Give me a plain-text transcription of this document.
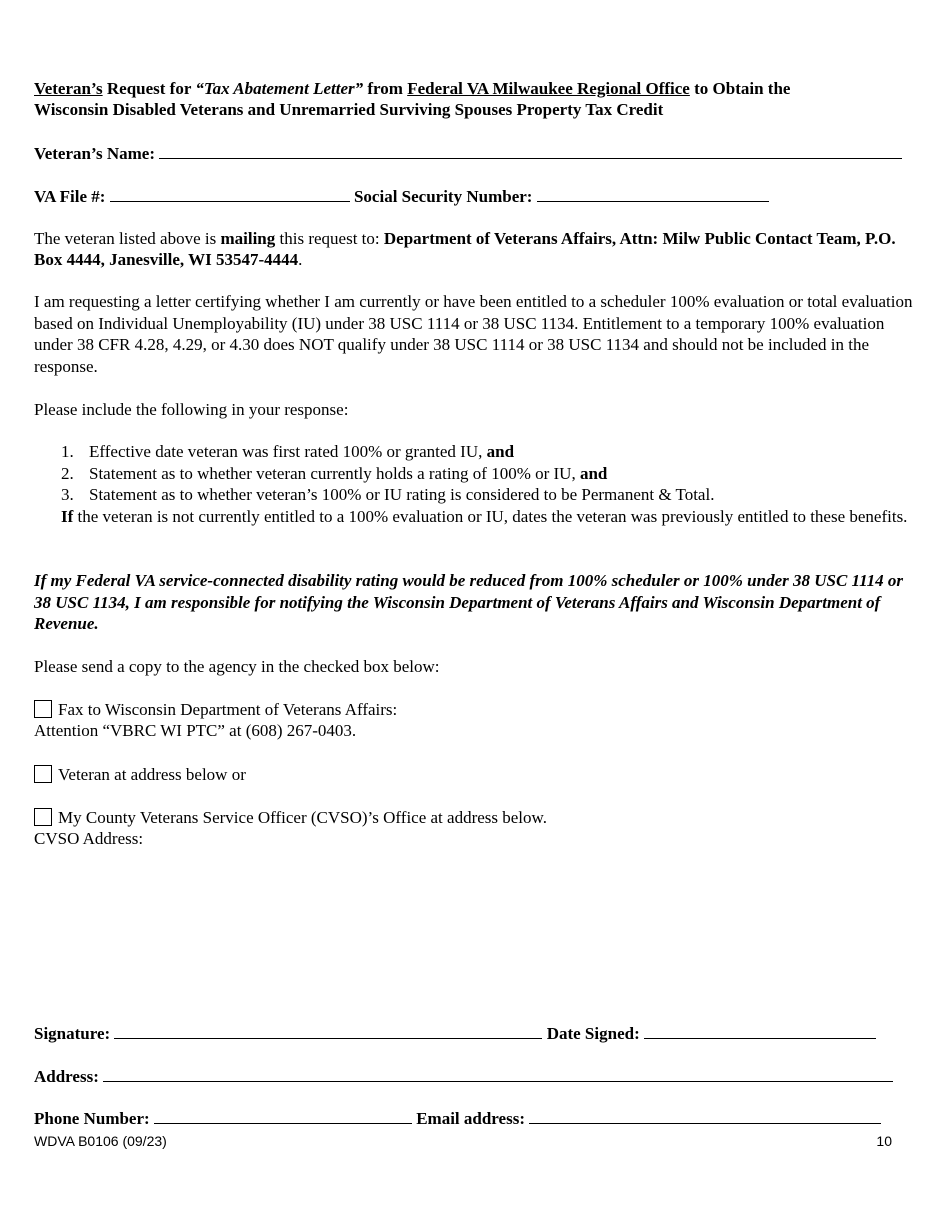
Veteran’s Request for “Tax Abatement Letter” from Federal VA Milwaukee Regional Office to Obtain the
Wisconsin Disabled Veterans and Unremarried Surviving Spouses Property Tax Credit
Veteran’s Name:
VA File #:	Social Security Number:
The veteran listed above is mailing this request to: Department of Veterans Affairs, Attn: Milw Public Contact Team, P.O. Box 4444, Janesville, WI 53547-4444.
I am requesting a letter certifying whether I am currently or have been entitled to a scheduler 100% evaluation or total evaluation based on Individual Unemployability (IU) under 38 USC 1114 or 38 USC 1134. Entitlement to a temporary 100% evaluation under 38 CFR 4.28, 4.29, or 4.30 does NOT qualify under 38 USC 1114 or 38 USC 1134 and should not be included in the response.
Please include the following in your response:
1. Effective date veteran was first rated 100% or granted IU, and
2. Statement as to whether veteran currently holds a rating of 100% or IU, and
3. Statement as to whether veteran’s 100% or IU rating is considered to be Permanent & Total.
If the veteran is not currently entitled to a 100% evaluation or IU, dates the veteran was previously entitled to these benefits.
If my Federal VA service-connected disability rating would be reduced from 100% scheduler or 100% under 38 USC 1114 or 38 USC 1134, I am responsible for notifying the Wisconsin Department of Veterans Affairs and Wisconsin Department of Revenue.
Please send a copy to the agency in the checked box below:
Fax to Wisconsin Department of Veterans Affairs:
Attention “VBRC WI PTC” at (608) 267-0403.
Veteran at address below or
My County Veterans Service Officer (CVSO)’s Office at address below.
CVSO Address:
Signature:	Date Signed:
Address:
Phone Number:	Email address:
WDVA B0106 (09/23)	10
